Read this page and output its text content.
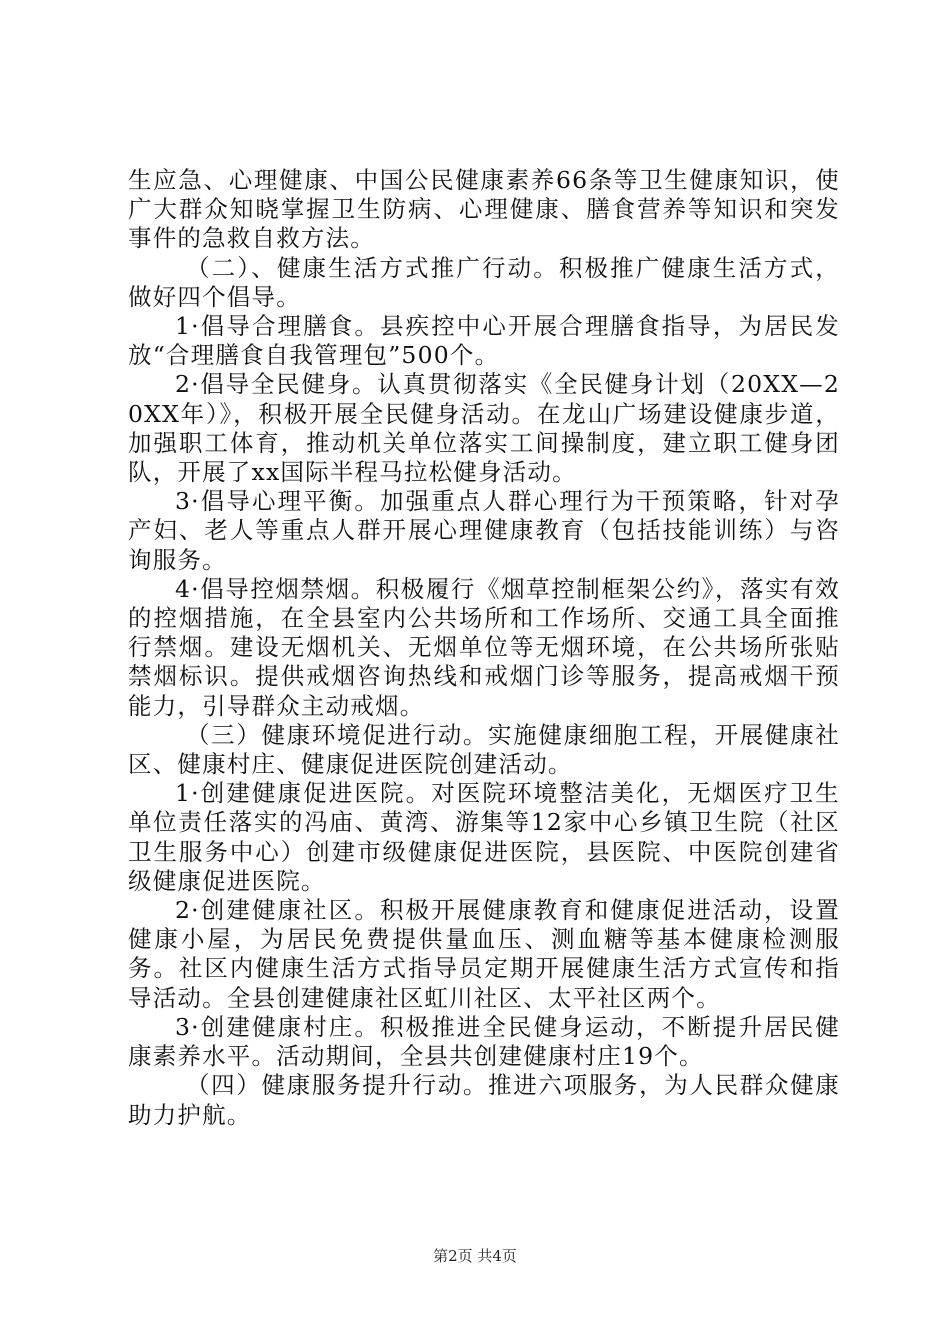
生应急、心理健康、中国公民健康素养66条等卫生健康知识，使广大群众知晓掌握卫生防病、心理健康、膳食营养等知识和突发事件的急救自救方法。

（二）、健康生活方式推广行动。积极推广健康生活方式，做好四个倡导。

1·倡导合理膳食。县疾控中心开展合理膳食指导，为居民发放“合理膳食自我管理包”500个。

2·倡导全民健身。认真贯彻落实《全民健身计划（20XX—20XX年）》，积极开展全民健身活动。在龙山广场建设健康步道，加强职工体育，推动机关单位落实工间操制度，建立职工健身团队，开展了xx国际半程马拉松健身活动。

3·倡导心理平衡。加强重点人群心理行为干预策略，针对孕产妇、老人等重点人群开展心理健康教育（包括技能训练）与咨询服务。

4·倡导控烟禁烟。积极履行《烟草控制框架公约》，落实有效的控烟措施，在全县室内公共场所和工作场所、交通工具全面推行禁烟。建设无烟机关、无烟单位等无烟环境，在公共场所张贴禁烟标识。提供戒烟咨询热线和戒烟门诊等服务，提高戒烟干预能力，引导群众主动戒烟。

（三）健康环境促进行动。实施健康细胞工程，开展健康社区、健康村庄、健康促进医院创建活动。

1·创建健康促进医院。对医院环境整洁美化，无烟医疗卫生单位责任落实的冯庙、黄湾、游集等12家中心乡镇卫生院（社区卫生服务中心）创建市级健康促进医院，县医院、中医院创建省级健康促进医院。

2·创建健康社区。积极开展健康教育和健康促进活动，设置健康小屋，为居民免费提供量血压、测血糖等基本健康检测服务。社区内健康生活方式指导员定期开展健康生活方式宣传和指导活动。全县创建健康社区虹川社区、太平社区两个。

3·创建健康村庄。积极推进全民健身运动，不断提升居民健康素养水平。活动期间，全县共创建健康村庄19个。

（四）健康服务提升行动。推进六项服务，为人民群众健康助力护航。

第2页 共4页
